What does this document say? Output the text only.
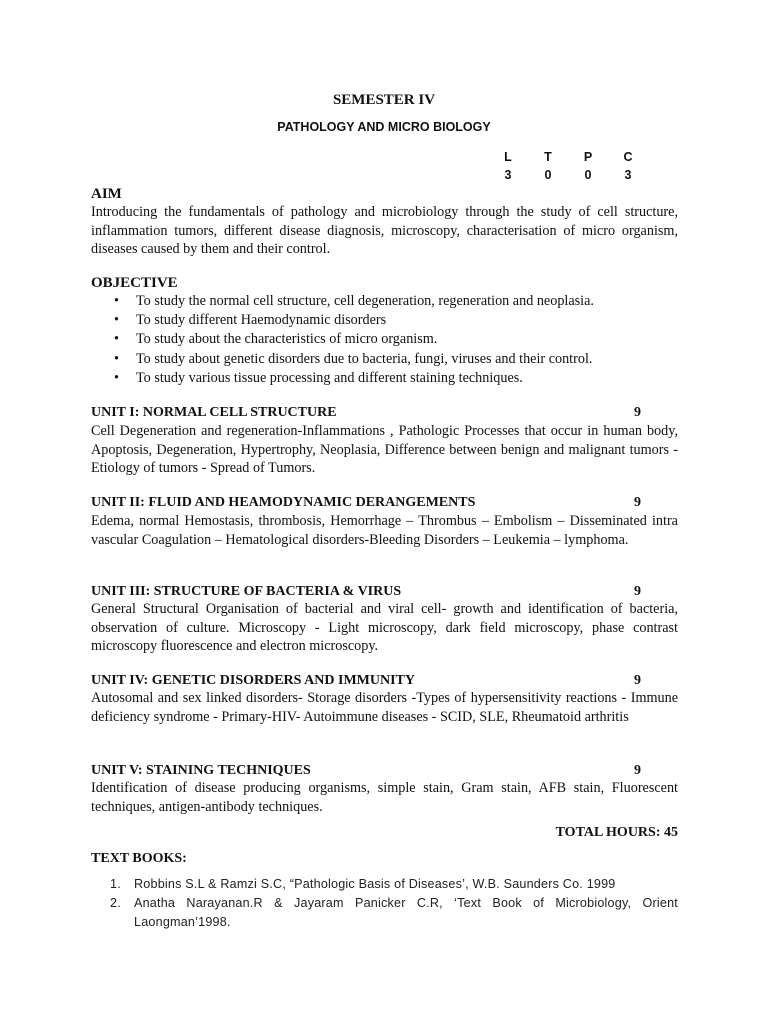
SEMESTER IV
PATHOLOGY AND MICRO BIOLOGY
L	T	P	C
3	0	0	3
AIM
Introducing the fundamentals of pathology and microbiology through the study of cell structure, inflammation tumors, different disease diagnosis, microscopy, characterisation of micro organism, diseases caused by them and their control.
OBJECTIVE
• To study the normal cell structure, cell degeneration, regeneration and neoplasia.
• To study different Haemodynamic disorders
• To study about the characteristics of micro organism.
• To study about genetic disorders due to bacteria, fungi, viruses and their control.
• To study various tissue processing and different staining techniques.
UNIT I: NORMAL CELL STRUCTURE	9
Cell Degeneration and regeneration-Inflammations , Pathologic Processes that occur in human body, Apoptosis, Degeneration, Hypertrophy, Neoplasia, Difference between benign and malignant tumors - Etiology of tumors - Spread of Tumors.
UNIT II: FLUID AND HEAMODYNAMIC DERANGEMENTS	9
Edema, normal Hemostasis, thrombosis, Hemorrhage – Thrombus – Embolism – Disseminated intra vascular Coagulation – Hematological disorders-Bleeding Disorders – Leukemia – lymphoma.
UNIT III: STRUCTURE OF BACTERIA & VIRUS	9
General Structural Organisation of bacterial and viral cell- growth and identification of bacteria, observation of culture. Microscopy - Light microscopy, dark field microscopy, phase contrast microscopy fluorescence and electron microscopy.
UNIT IV: GENETIC DISORDERS AND IMMUNITY	9
Autosomal and sex linked disorders- Storage disorders -Types of hypersensitivity reactions - Immune deficiency syndrome - Primary-HIV- Autoimmune diseases - SCID, SLE, Rheumatoid arthritis
UNIT V: STAINING TECHNIQUES	9
Identification of disease producing organisms, simple stain, Gram stain, AFB stain, Fluorescent techniques, antigen-antibody techniques.
TOTAL HOURS: 45
TEXT BOOKS:
1. Robbins S.L & Ramzi S.C, “Pathologic Basis of Diseases’, W.B. Saunders Co. 1999
2. Anatha Narayanan.R & Jayaram Panicker C.R, ‘Text Book of Microbiology, Orient Laongman’1998.
